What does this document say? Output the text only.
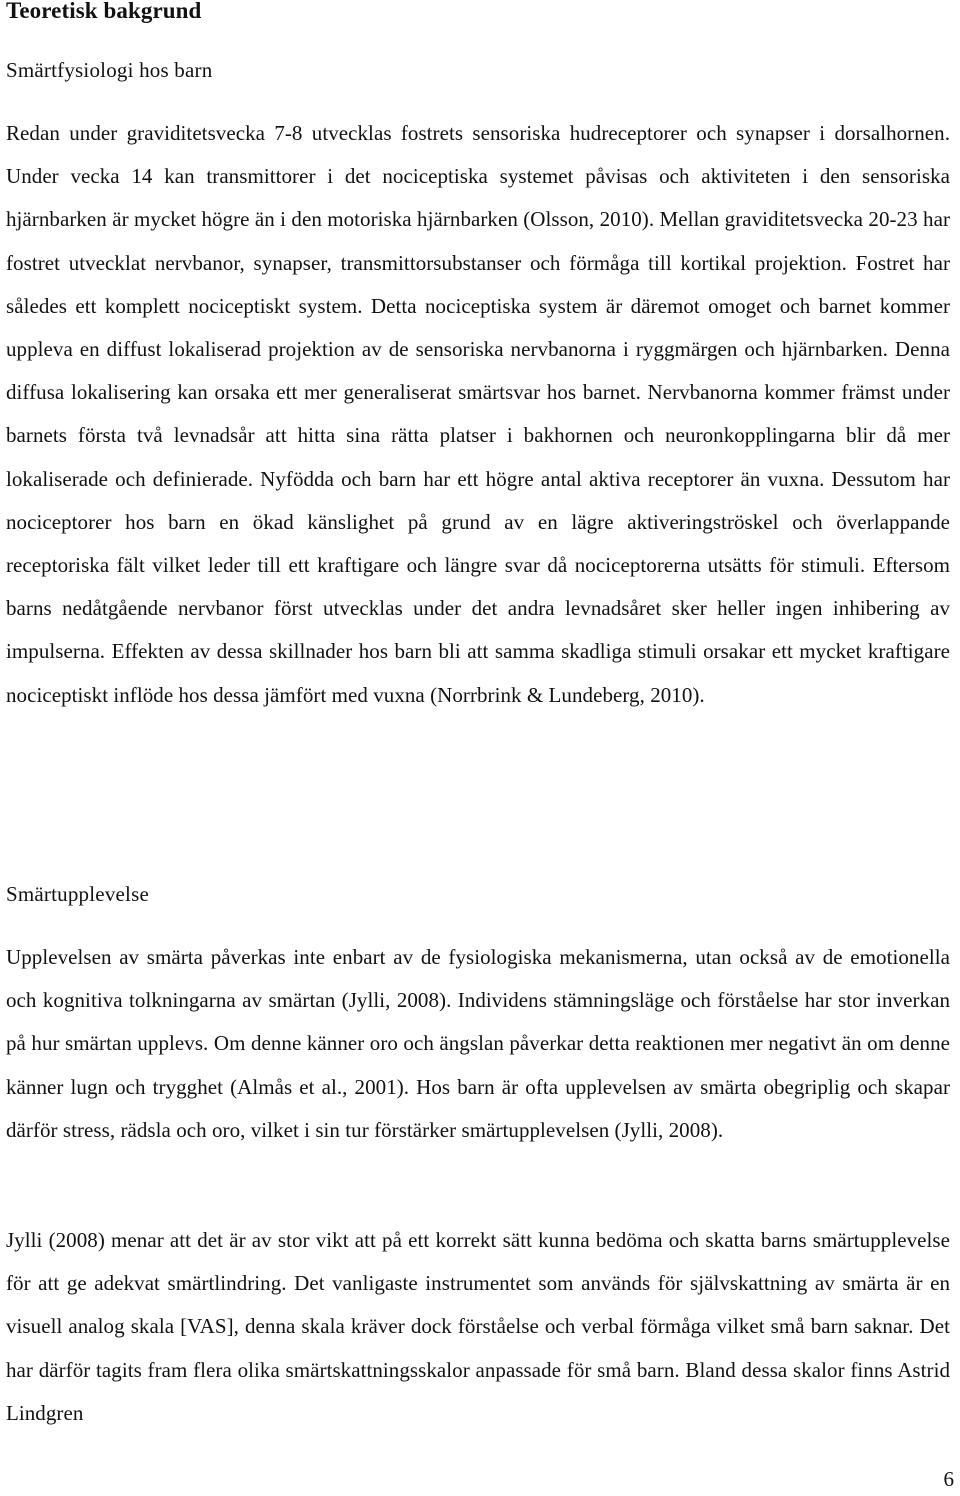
Teoretisk bakgrund
Smärtfysiologi hos barn

Redan under graviditetsvecka 7-8 utvecklas fostrets sensoriska hudreceptorer och synapser i dorsalhornen. Under vecka 14 kan transmittorer i det nociceptiska systemet påvisas och aktiviteten i den sensoriska hjärnbarken är mycket högre än i den motoriska hjärnbarken (Olsson, 2010). Mellan graviditetsvecka 20-23 har fostret utvecklat nervbanor, synapser, transmittorsubstanser och förmåga till kortikal projektion. Fostret har således ett komplett nociceptiskt system. Detta nociceptiska system är däremot omoget och barnet kommer uppleva en diffust lokaliserad projektion av de sensoriska nervbanorna i ryggmärgen och hjärnbarken. Denna diffusa lokalisering kan orsaka ett mer generaliserat smärtsvar hos barnet. Nervbanorna kommer främst under barnets första två levnadsår att hitta sina rätta platser i bakhornen och neuronkopplingarna blir då mer lokaliserade och definierade. Nyfödda och barn har ett högre antal aktiva receptorer än vuxna. Dessutom har nociceptorer hos barn en ökad känslighet på grund av en lägre aktiveringströskel och överlappande receptoriska fält vilket leder till ett kraftigare och längre svar då nociceptorerna utsätts för stimuli. Eftersom barns nedåtgående nervbanor först utvecklas under det andra levnadsåret sker heller ingen inhibering av impulserna. Effekten av dessa skillnader hos barn bli att samma skadliga stimuli orsakar ett mycket kraftigare nociceptiskt inflöde hos dessa jämfört med vuxna (Norrbrink & Lundeberg, 2010).

Smärtupplevelse

Upplevelsen av smärta påverkas inte enbart av de fysiologiska mekanismerna, utan också av de emotionella och kognitiva tolkningarna av smärtan (Jylli, 2008). Individens stämningsläge och förståelse har stor inverkan på hur smärtan upplevs. Om denne känner oro och ängslan påverkar detta reaktionen mer negativt än om denne känner lugn och trygghet (Almås et al., 2001). Hos barn är ofta upplevelsen av smärta obegriplig och skapar därför stress, rädsla och oro, vilket i sin tur förstärker smärtupplevelsen (Jylli, 2008).

Jylli (2008) menar att det är av stor vikt att på ett korrekt sätt kunna bedöma och skatta barns smärtupplevelse för att ge adekvat smärtlindring. Det vanligaste instrumentet som används för självskattning av smärta är en visuell analog skala [VAS], denna skala kräver dock förståelse och verbal förmåga vilket små barn saknar. Det har därför tagits fram flera olika smärtskattningsskalor anpassade för små barn. Bland dessa skalor finns Astrid Lindgren

6
